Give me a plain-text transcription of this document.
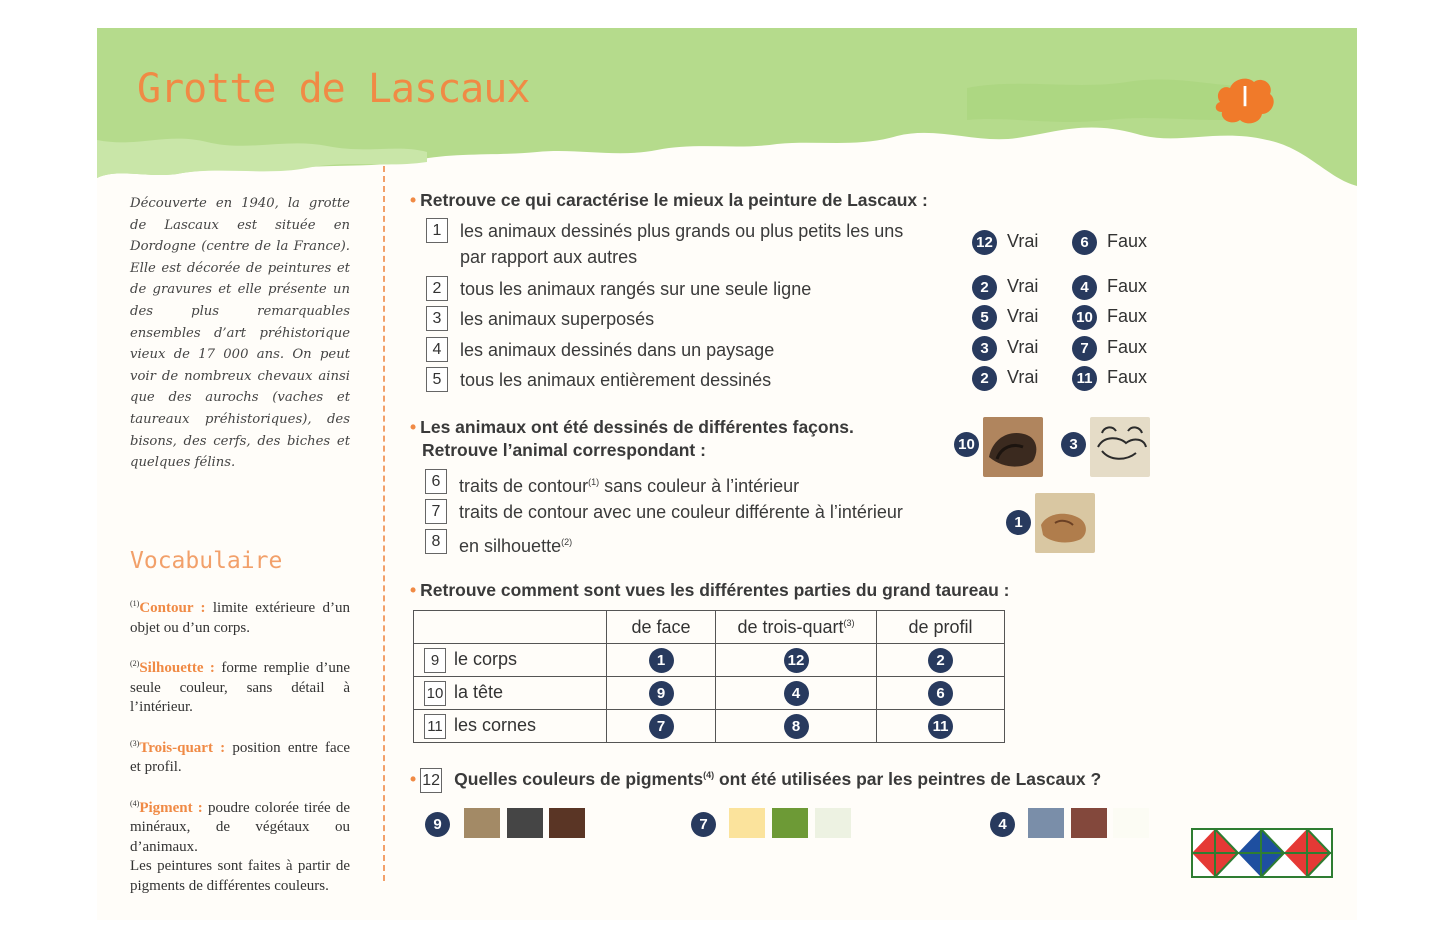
Grotte de Lascaux	I

Découverte en 1940, la grotte de Lascaux est située en Dordogne (centre de la France). Elle est décorée de peintures et de gravures et elle présente un des plus remarquables ensembles d’art préhistorique vieux de 17 000 ans. On peut voir de nombreux chevaux ainsi que des aurochs (vaches et taureaux préhistoriques), des bisons, des cerfs, des biches et quelques félins.

Vocabulaire

$^{(1)}$Contour : limite extérieure d’un objet ou d’un corps.

$^{(2)}$Silhouette : forme remplie d’une seule couleur, sans détail à l’intérieur.

$^{(3)}$Trois-quart : position entre face et profil.

$^{(4)}$Pigment : poudre colorée tirée de minéraux, de végétaux ou d’animaux.

Les peintures sont faites à partir de pigments de différentes couleurs.

• Retrouve ce qui caractérise le mieux la peinture de Lascaux :
1	les animaux dessinés plus grands ou plus petits les uns
par rapport aux autres
2	tous les animaux rangés sur une seule ligne
3	les animaux superposés
4	les animaux dessinés dans un paysage
5	tous les animaux entièrement dessinés
12 Vrai	6	Faux
2	Vrai	4	Faux
5	Vrai	10 Faux
3	Vrai	7	Faux
2	Vrai	11 Faux
• Les animaux ont été dessinés de différentes façons.
Retrouve l’animal correspondant :
6	traits de contour$^{(1)}$ sans couleur à l’intérieur
7	traits de contour avec une couleur différente à l’intérieur
8	en silhouette$^{(2)}$
10	3
1
• Retrouve comment sont vues les différentes parties du grand taureau :
	de face	de trois-quart$^{(3)}$	de profil
9 le corps	1	12	2
10 la tête	9	4	6
11 les cornes	7	8	11
• 12 Quelles couleurs de pigments$^{(4)}$ ont été utilisées par les peintres de Lascaux ?
9	7	4
